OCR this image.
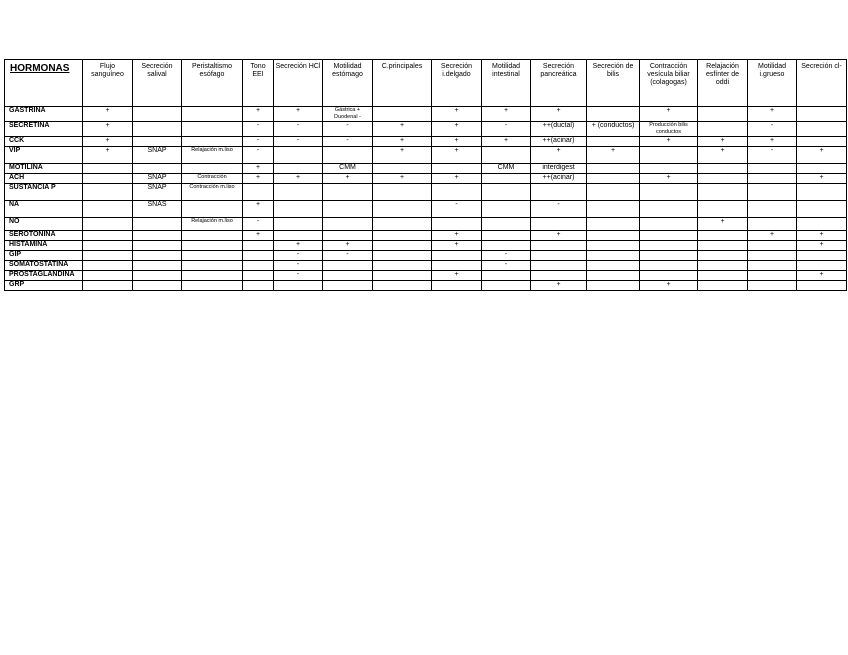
HORMONAS	Flujo sanguíneo	Secreción salival	Peristaltismo esófago	Tono EEI	Secreción HCl	Motilidad estómago	C.principales	Secreción i.delgado	Motilidad intestinal	Secreción pancreática	Secreción de bilis	Contracción vesícula biliar (colagogas)	Relajación esfínter de oddi	Motilidad i.grueso	Secreción cl-
GASTRINA	+			+	+	Gástrica + Duodenal -		+	+	+		+		+	
SECRETINA	+			-	-	-	+	+	-	++(ductal)	+ (conductos)	Producción bilis conductos		-	
CCK	+			-	-	-	+	+	+	++(acinar)		+	+	+	
VIP	+	SNAP	Relajación m.liso	-			+	+		+	+		+	-	+
MOTILINA				+		CMM			CMM	interdigest					
ACH		SNAP	Contracción	+	+	+	+	+		++(acinar)		+			+
SUSTANCIA P		SNAP	Contracción m.liso												
NA		SNAS		+				-		-					
NO			Relajación m.liso	-									+		
SEROTONINA				+				+		+				+	+
HISTAMINA					+	+		+							+
GIP					-	-			-						
SOMATOSTATINA					-				-						
PROSTAGLANDINA					-			+							+
GRP										+		+			
